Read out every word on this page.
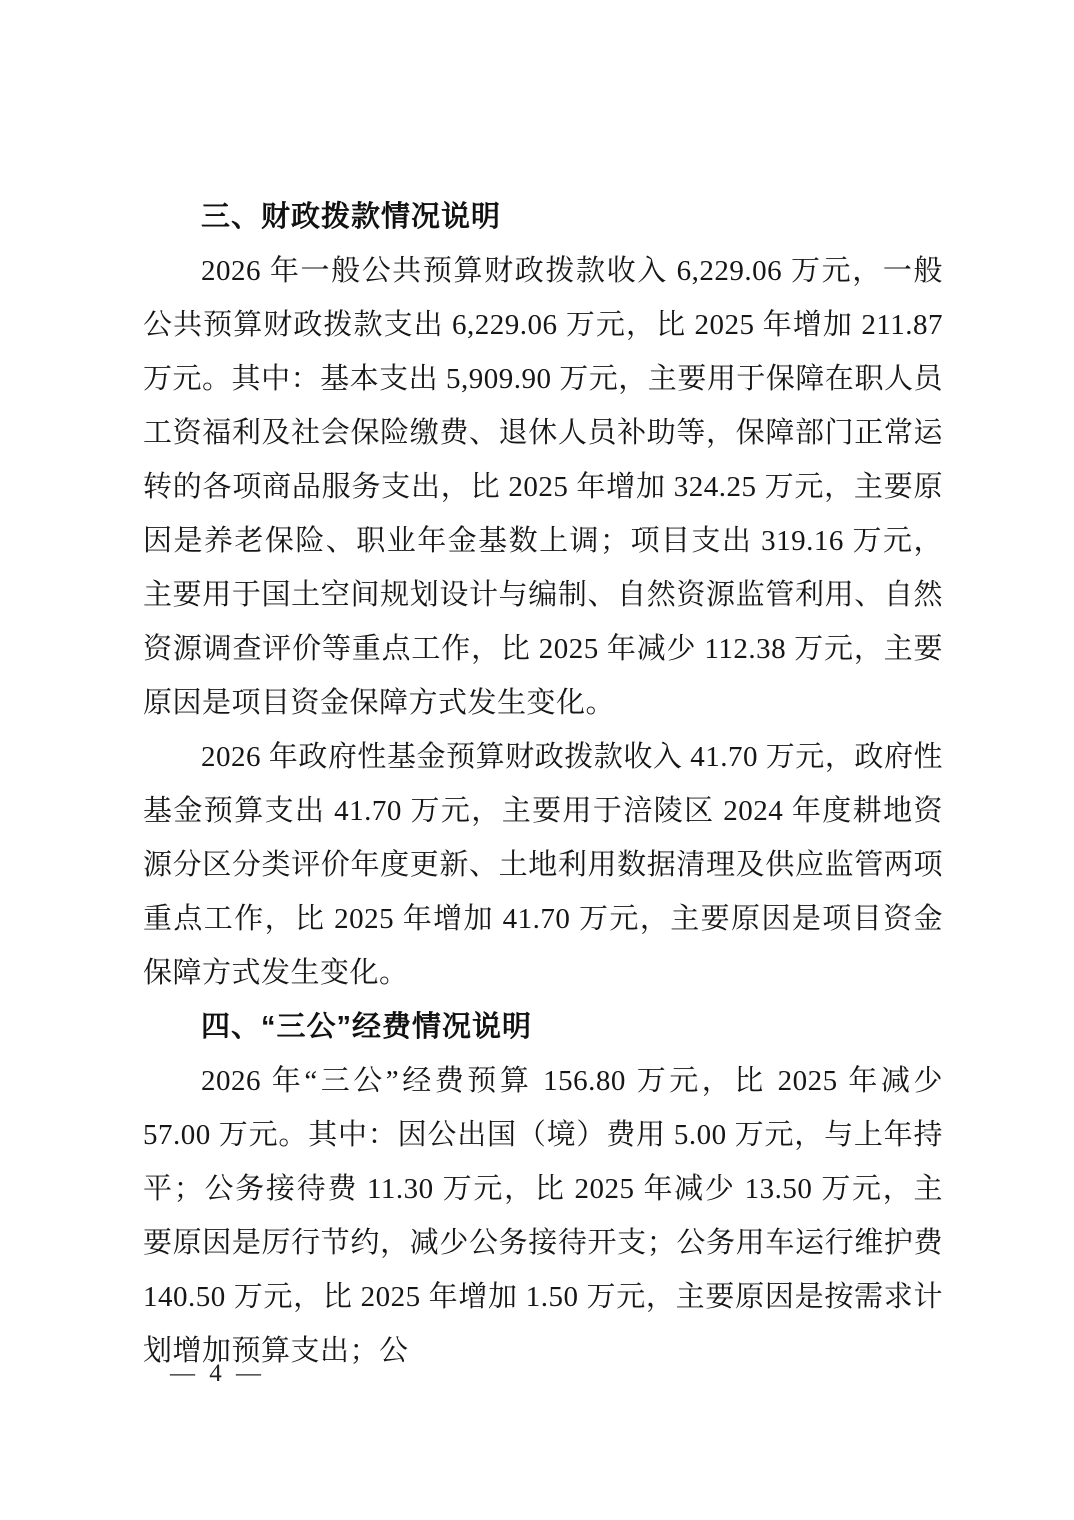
三、财政拨款情况说明

2026 年一般公共预算财政拨款收入 6,229.06 万元，一般公共预算财政拨款支出 6,229.06 万元，比 2025 年增加 211.87 万元。其中：基本支出 5,909.90 万元，主要用于保障在职人员工资福利及社会保险缴费、退休人员补助等，保障部门正常运转的各项商品服务支出，比 2025 年增加 324.25 万元，主要原因是养老保险、职业年金基数上调；项目支出 319.16 万元，主要用于国土空间规划设计与编制、自然资源监管利用、自然资源调查评价等重点工作，比 2025 年减少 112.38 万元，主要原因是项目资金保障方式发生变化。

2026 年政府性基金预算财政拨款收入 41.70 万元，政府性基金预算支出 41.70 万元，主要用于涪陵区 2024 年度耕地资源分区分类评价年度更新、土地利用数据清理及供应监管两项重点工作，比 2025 年增加 41.70 万元，主要原因是项目资金保障方式发生变化。

四、“三公”经费情况说明

2026 年“三公”经费预算 156.80 万元，比 2025 年减少 57.00 万元。其中：因公出国（境）费用 5.00 万元，与上年持平；公务接待费 11.30 万元，比 2025 年减少 13.50 万元，主要原因是厉行节约，减少公务接待开支；公务用车运行维护费 140.50 万元，比 2025 年增加 1.50 万元，主要原因是按需求计划增加预算支出；公

— 4 —
